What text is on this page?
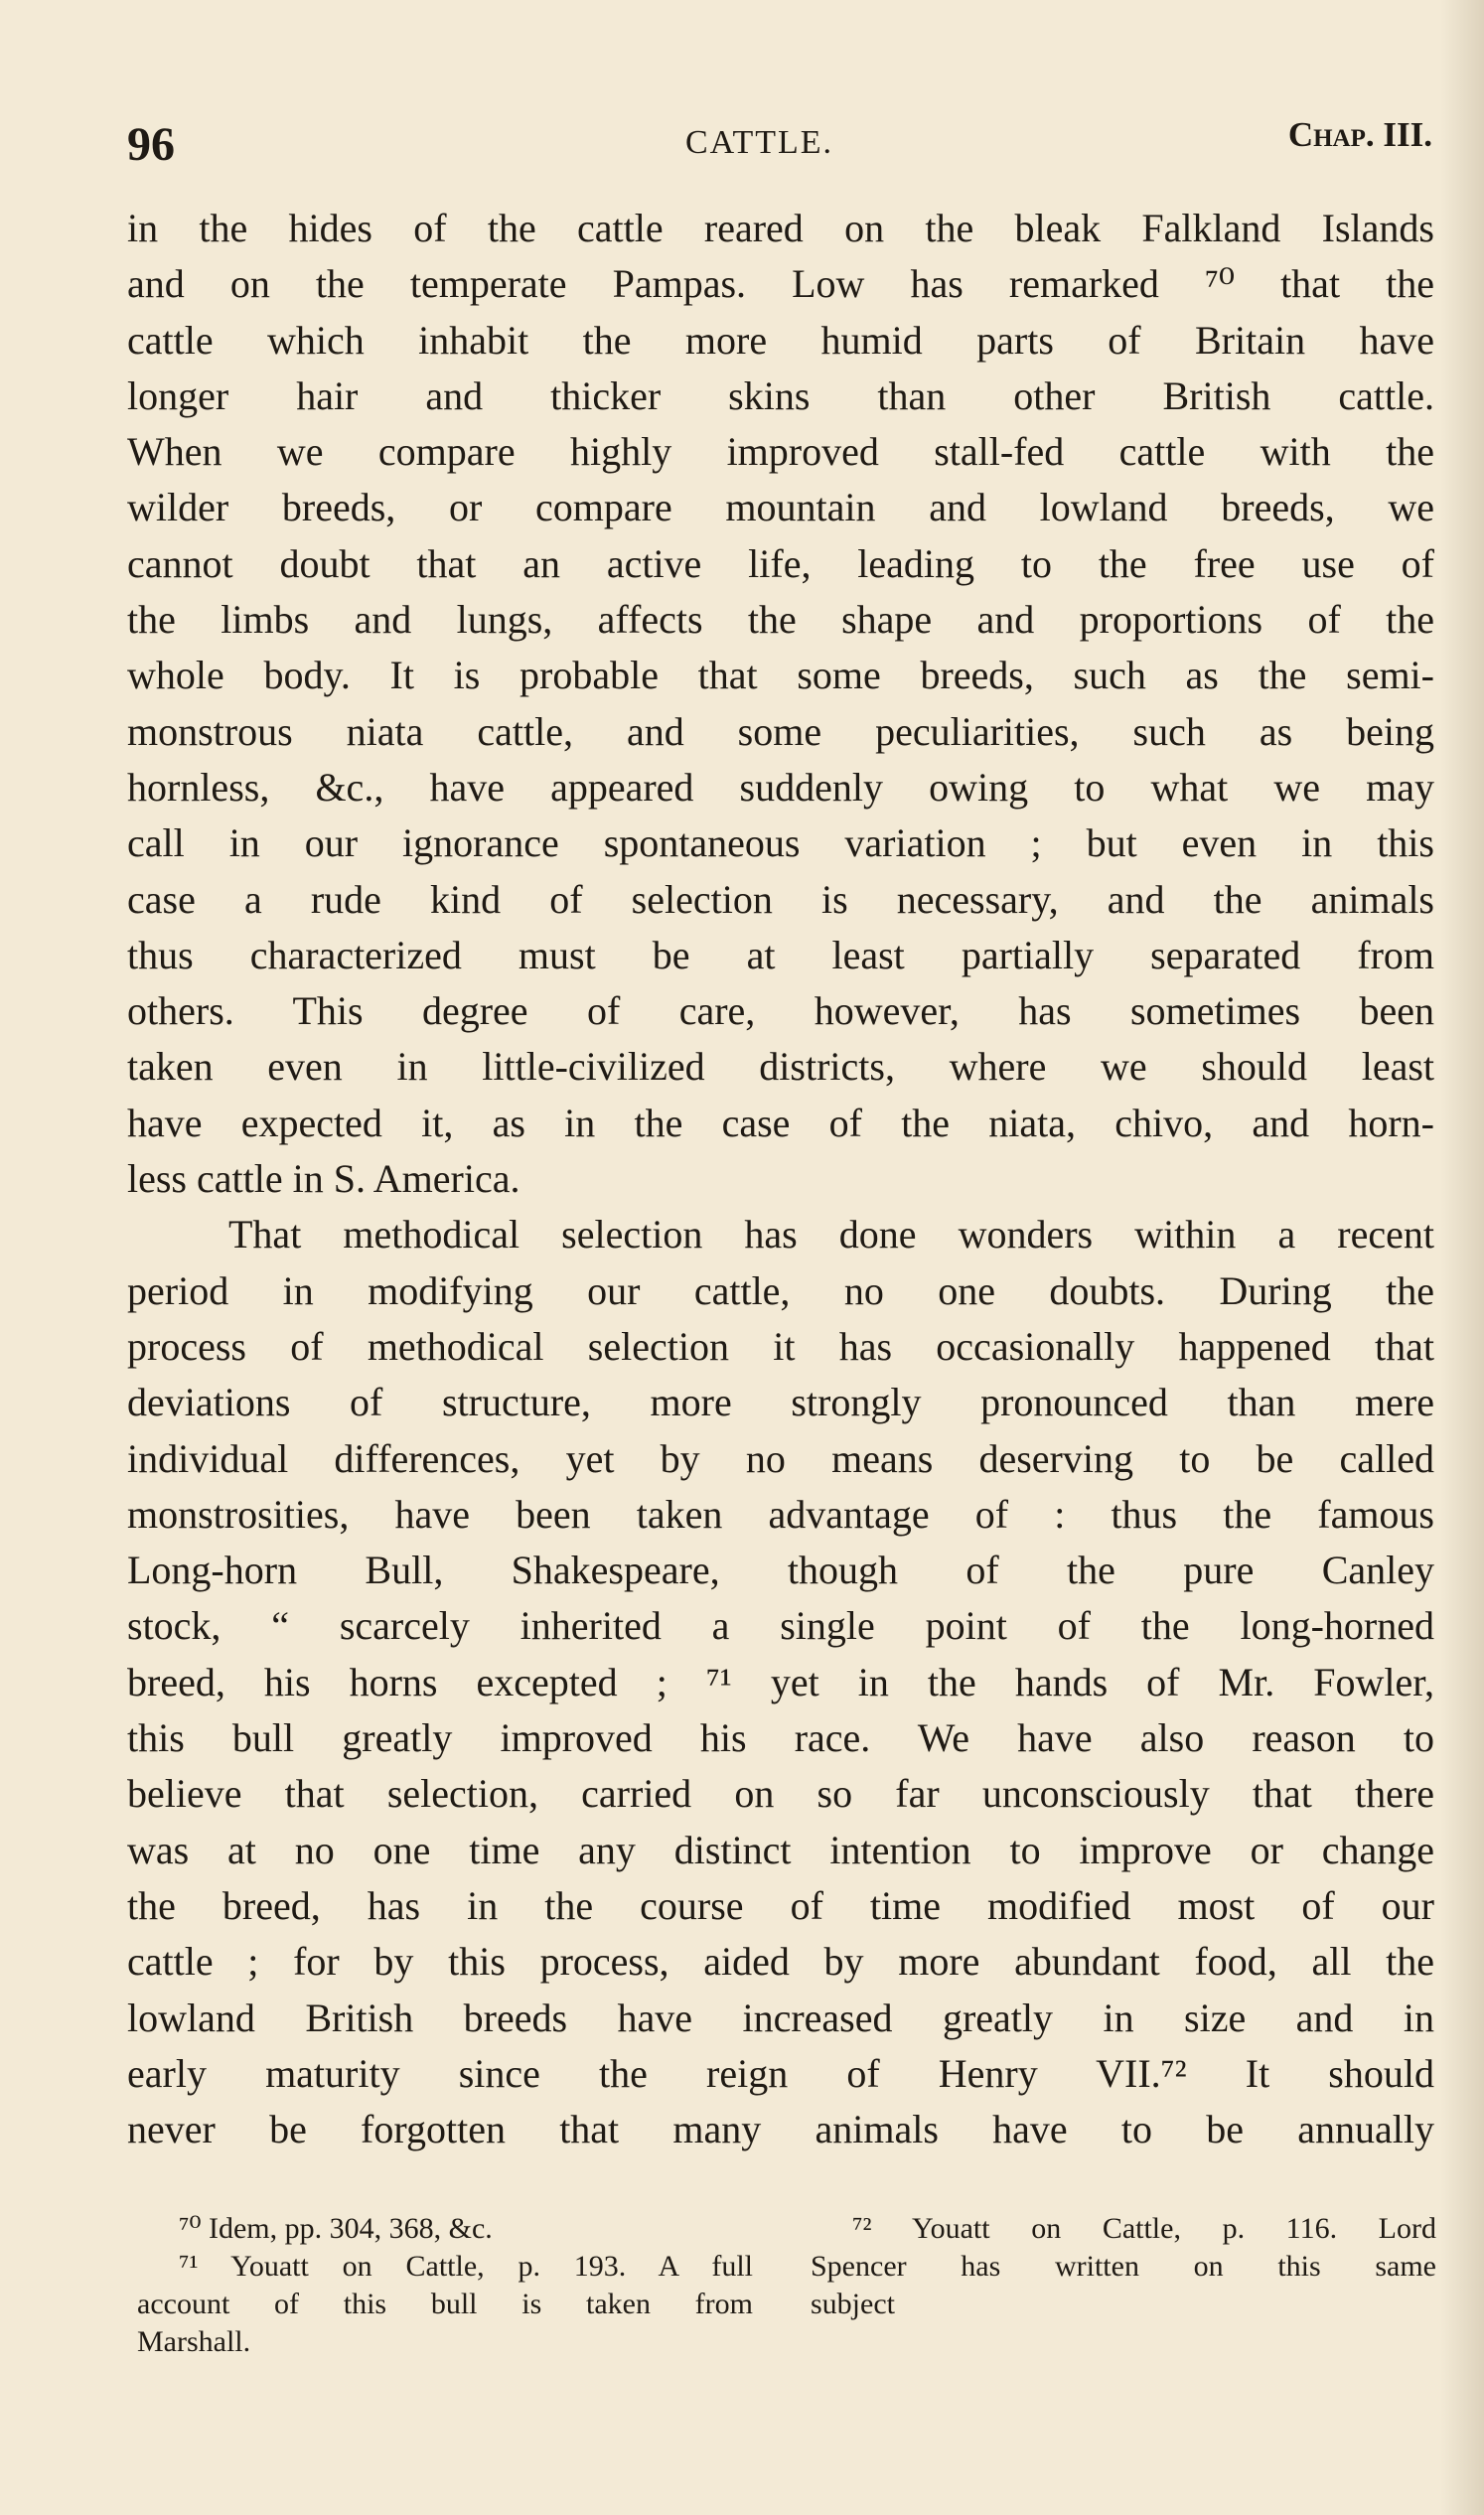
96	CATTLE.	Chap. III.
in the hides of the cattle reared on the bleak Falkland Islands
and on the temperate Pampas. Low has remarked ⁷⁰ that the
cattle which inhabit the more humid parts of Britain have
longer hair and thicker skins than other British cattle.
When we compare highly improved stall-fed cattle with the
wilder breeds, or compare mountain and lowland breeds, we
cannot doubt that an active life, leading to the free use of
the limbs and lungs, affects the shape and proportions of the
whole body. It is probable that some breeds, such as the semi-
monstrous niata cattle, and some peculiarities, such as being
hornless, &c., have appeared suddenly owing to what we may
call in our ignorance spontaneous variation ; but even in this
case a rude kind of selection is necessary, and the animals
thus characterized must be at least partially separated from
others. This degree of care, however, has sometimes been
taken even in little-civilized districts, where we should least
have expected it, as in the case of the niata, chivo, and horn-
less cattle in S. America.
That methodical selection has done wonders within a recent
period in modifying our cattle, no one doubts. During the
process of methodical selection it has occasionally happened that
deviations of structure, more strongly pronounced than mere
individual differences, yet by no means deserving to be called
monstrosities, have been taken advantage of : thus the famous
Long-horn Bull, Shakespeare, though of the pure Canley
stock, “ scarcely inherited a single point of the long-horned
breed, his horns excepted ; ⁷¹ yet in the hands of Mr. Fowler,
this bull greatly improved his race. We have also reason to
believe that selection, carried on so far unconsciously that there
was at no one time any distinct intention to improve or change
the breed, has in the course of time modified most of our
cattle ; for by this process, aided by more abundant food, all the
lowland British breeds have increased greatly in size and in
early maturity since the reign of Henry VII.⁷² It should
never be forgotten that many animals have to be annually
⁷⁰ Idem, pp. 304, 368, &c.
⁷¹ Youatt on Cattle, p. 193. A full
account of this bull is taken from
Marshall.
⁷² Youatt on Cattle, p. 116. Lord
Spencer has written on this same
subject
